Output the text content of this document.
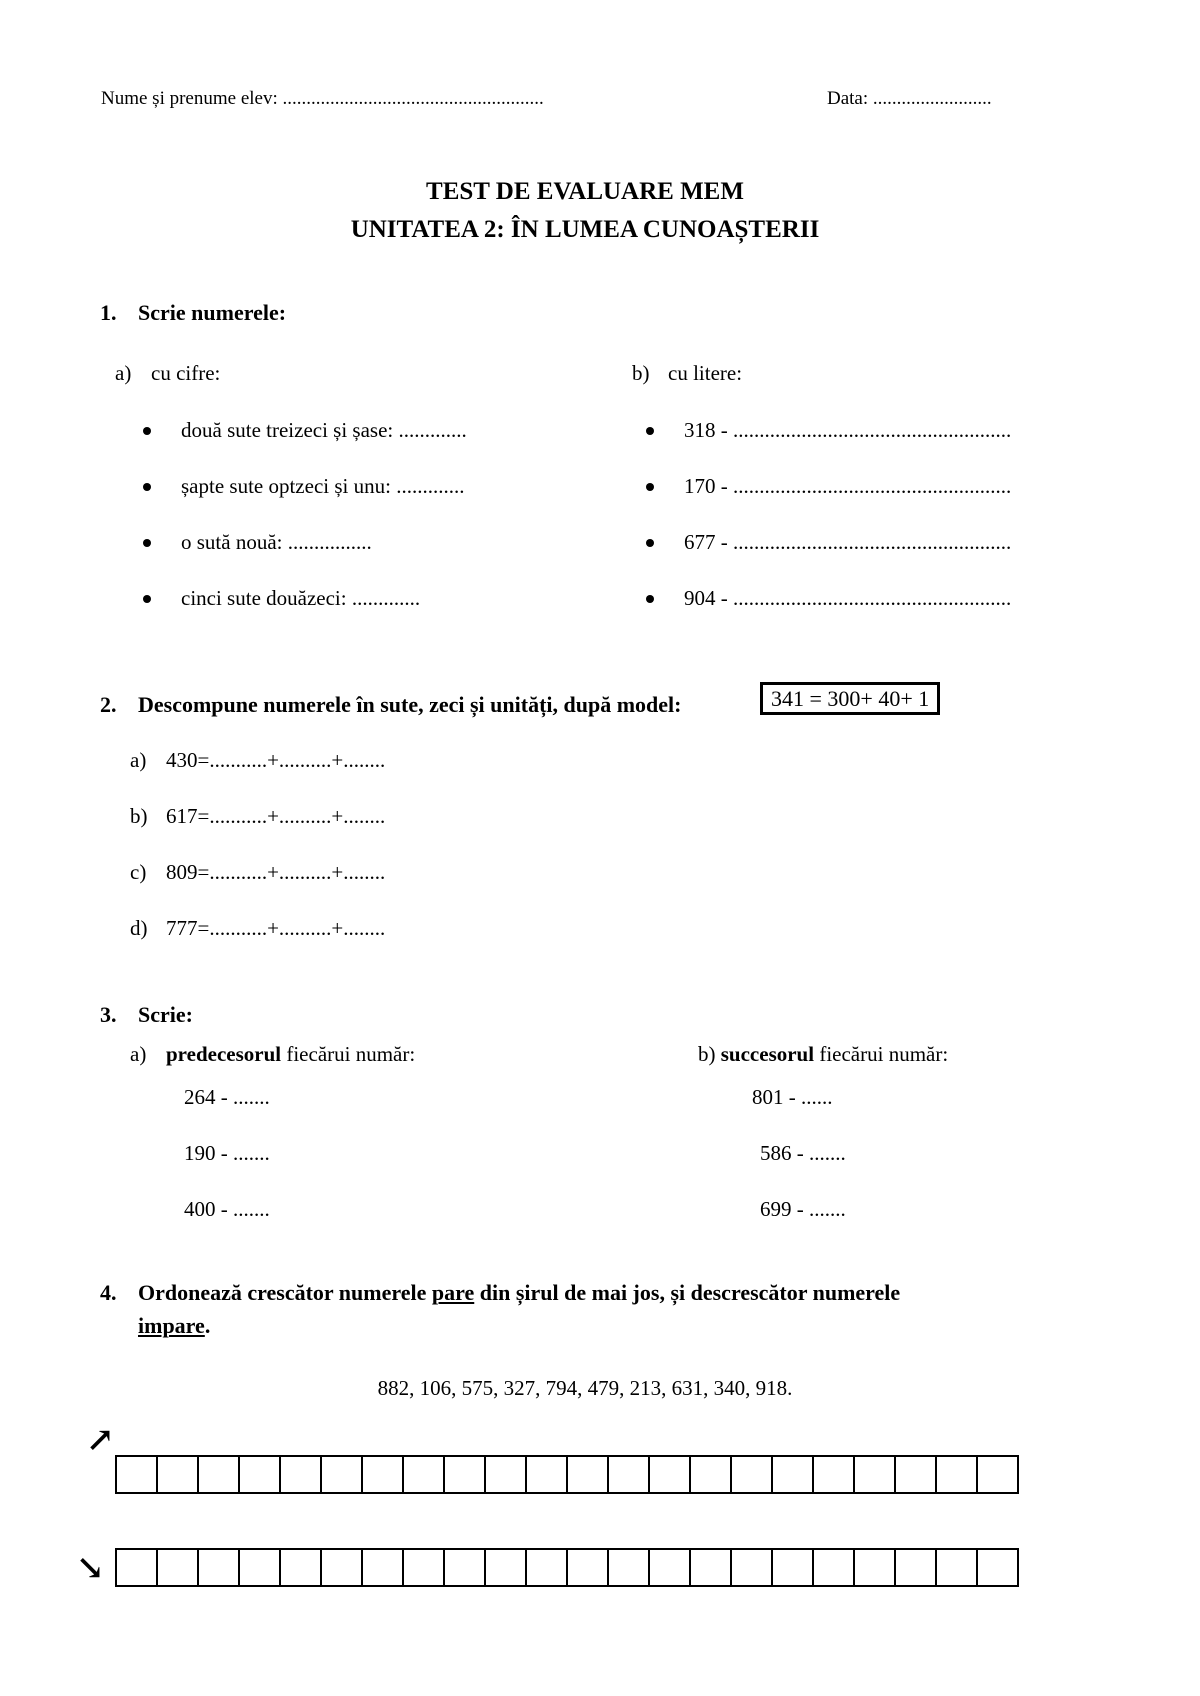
Nume și prenume elev: .......................................................	Data: .........................
TEST DE EVALUARE MEM
UNITATEA 2: ÎN LUMEA CUNOAȘTERII
1. Scrie numerele:
a) cu cifre:	b) cu litere:
două sute treizeci și șase: .............
șapte sute optzeci și unu: .............
o sută nouă: ................
cinci sute douăzeci: .............
318 - .....................................................
170 - .....................................................
677 - .....................................................
904 - .....................................................
2. Descompune numerele în sute, zeci și unități, după model:	341 = 300+ 40+ 1
a) 430=...........+..........+........
b) 617=...........+..........+........
c) 809=...........+..........+........
d) 777=...........+..........+........
3. Scrie:
a) predecesorul fiecărui număr:	b) succesorul fiecărui număr:
264 - .......
190 - .......
400 - .......
801 - ......
586 - .......
699 - .......
4. Ordonează crescător numerele pare din șirul de mai jos, și descrescător numerele
impare.
882, 106, 575, 327, 794, 479, 213, 631, 340, 918.
↗
↘
